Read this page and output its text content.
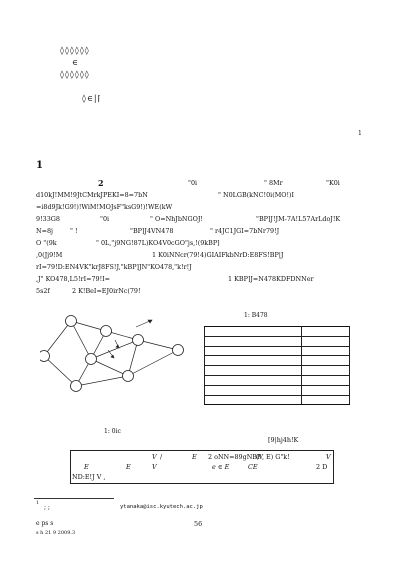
◊◊◊◊◊◊
∈
◊◊◊◊◊◊
◊∈|⌈
1
1
2	"0i	" 8Mr	"K0i
d10kJ!MM!9JtCMrkJPEKI=8=7bN	" N0LGB(kNC!0i(MO!)I
=i8d9Jk!G9!)!WiM!MOJsF"ksG9!)!WE(kW
9!33G8	"0i	" O=NhJbNGOJ!	"BP]J!JM-7A!L57ArLdoJ!K
N=8j	" !	"BP]J4VN478	" r4JC1JGI=7bNr79!J
O "(9k	" 0L,"j9NG!87L)KO4V0cGO"js,!(9kBP]
,0(Jj9!M	1 K0iNNcr(79!4)GIAIFkbNrD:E8FS!BP|J
rI=79!D:EN4VK"krJ8FS!J,"kBP]JN"KO478,"k!r!J
,J" KO478,L5!rI=79!I=	1 KBP]J=N478KDFDNNer
5s2f	2 K!BeI=EJ0irNc(79!
1: 0ic
1: B478

[9|hj4h!K
V /	E 2 oNN=89gNBP
(V, E) G"k!	V
E	E	V	e ∈ E	CE	2 D
ND:E!J V ,
1
; ;	ytanaka@isc.kyutech.ac.jp
56
e ps s
s h 21 9 2009.3
